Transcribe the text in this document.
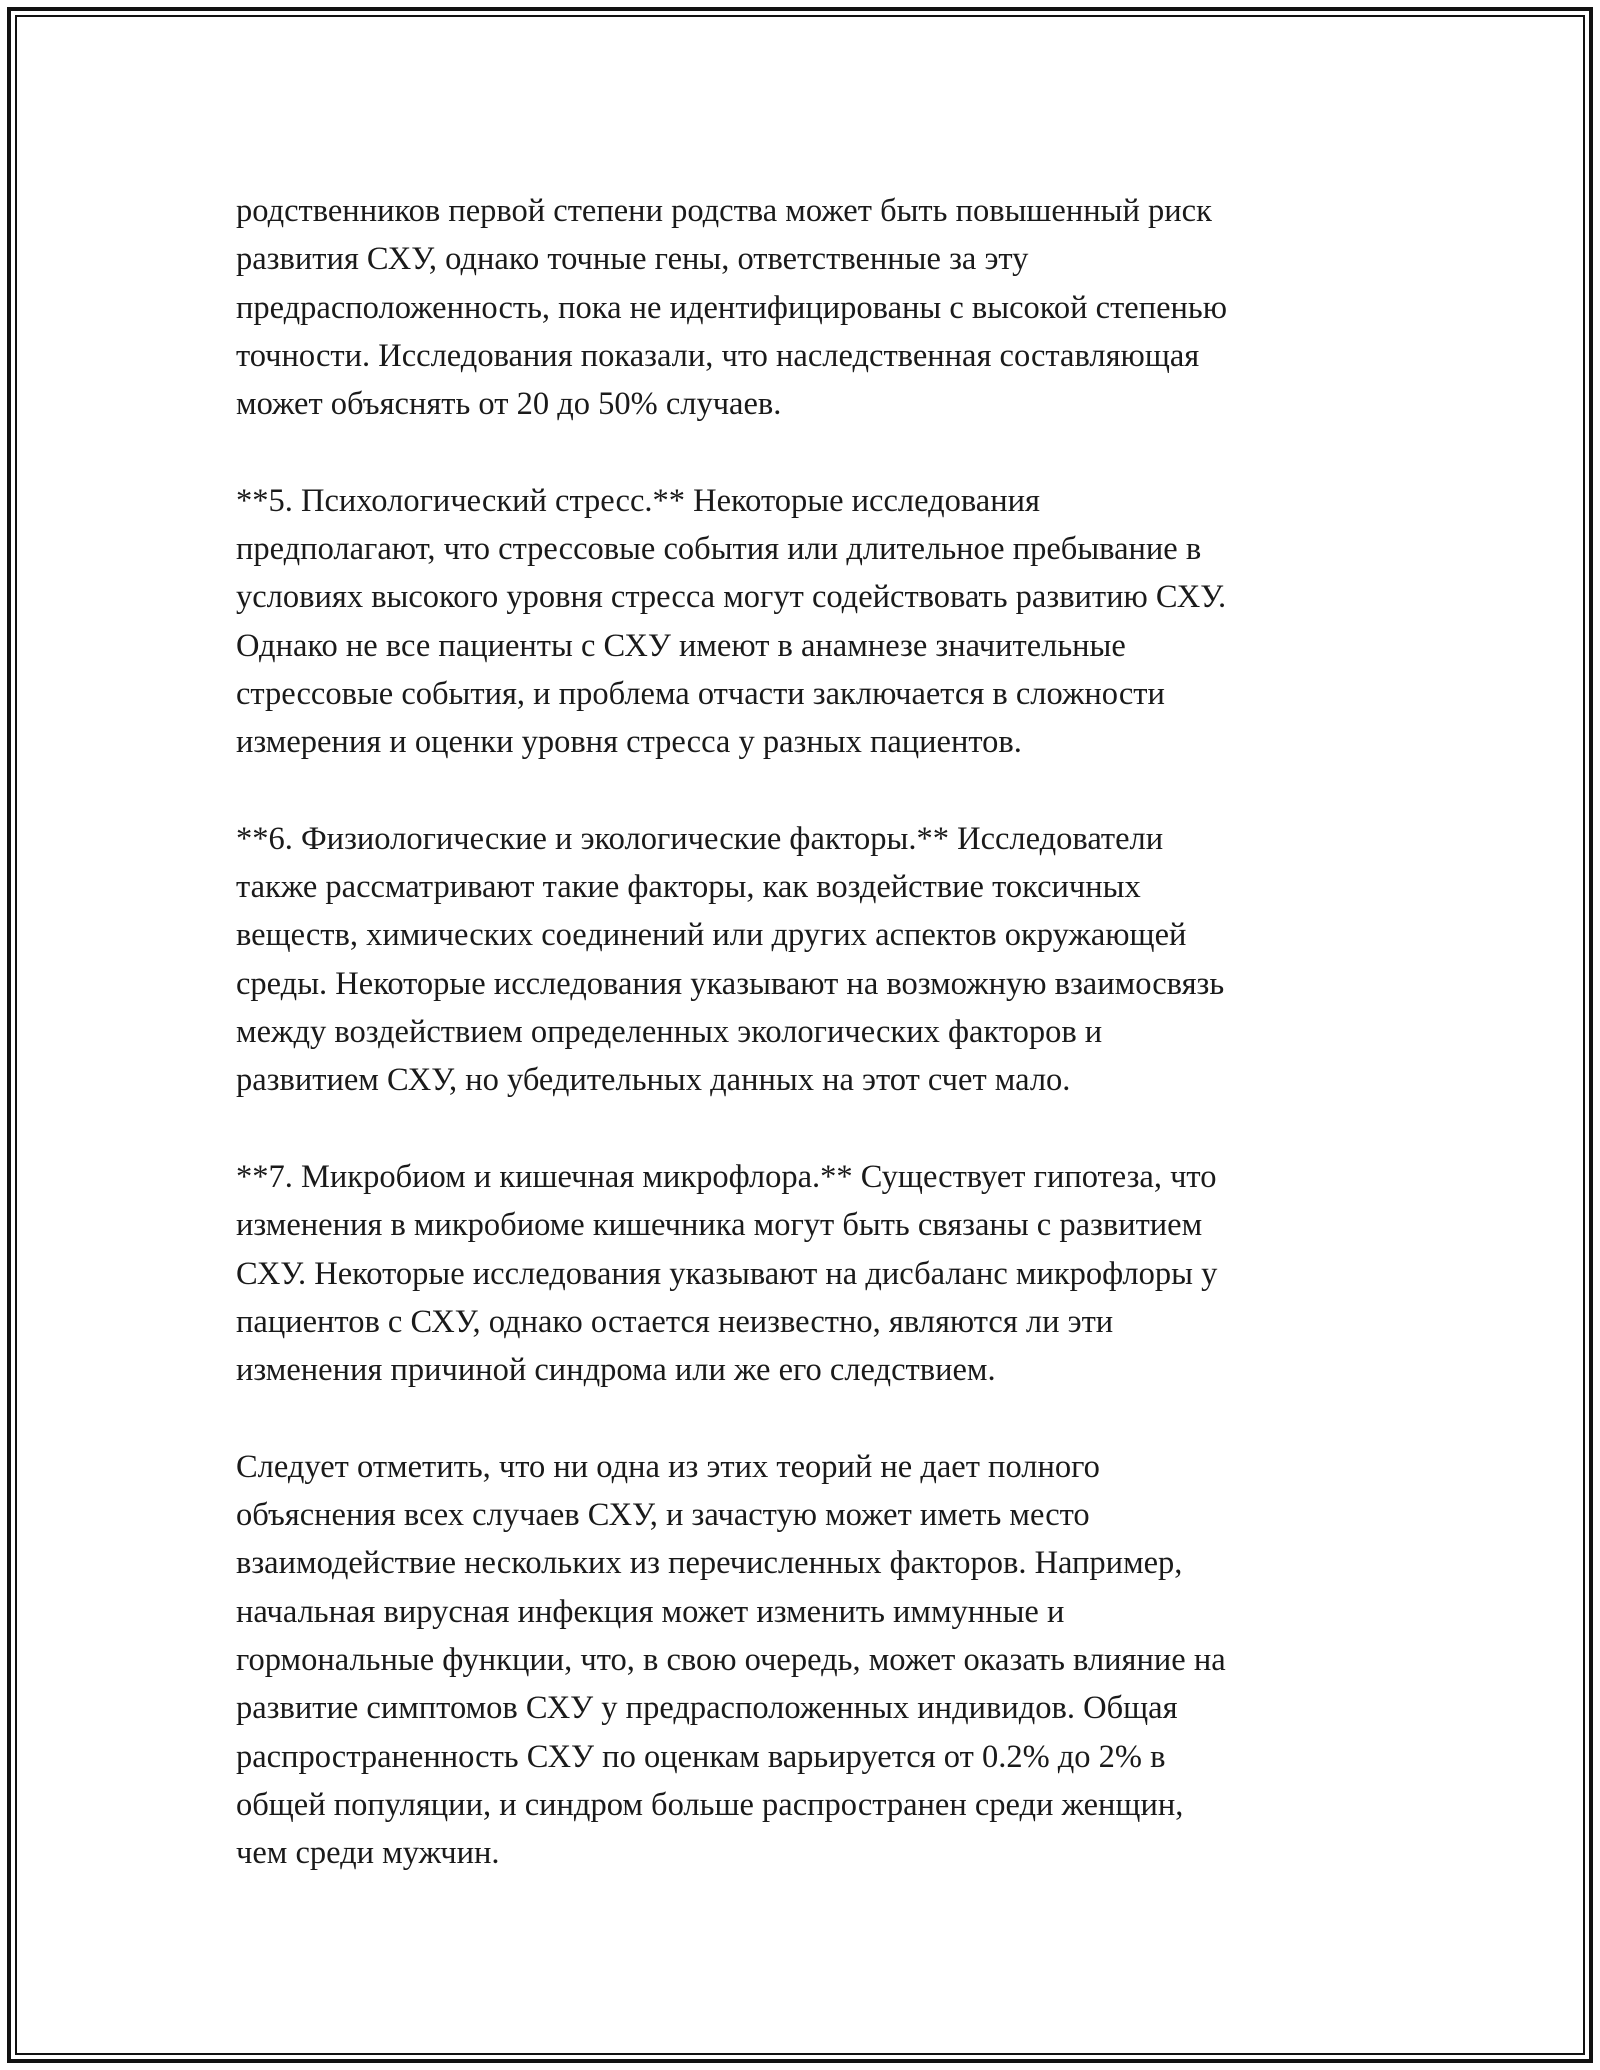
родственников первой степени родства может быть повышенный риск
развития СХУ, однако точные гены, ответственные за эту
предрасположенность, пока не идентифицированы с высокой степенью
точности. Исследования показали, что наследственная составляющая
может объяснять от 20 до 50% случаев.

**5. Психологический стресс.** Некоторые исследования
предполагают, что стрессовые события или длительное пребывание в
условиях высокого уровня стресса могут содействовать развитию СХУ.
Однако не все пациенты с СХУ имеют в анамнезе значительные
стрессовые события, и проблема отчасти заключается в сложности
измерения и оценки уровня стресса у разных пациентов.

**6. Физиологические и экологические факторы.** Исследователи
также рассматривают такие факторы, как воздействие токсичных
веществ, химических соединений или других аспектов окружающей
среды. Некоторые исследования указывают на возможную взаимосвязь
между воздействием определенных экологических факторов и
развитием СХУ, но убедительных данных на этот счет мало.

**7. Микробиом и кишечная микрофлора.** Существует гипотеза, что
изменения в микробиоме кишечника могут быть связаны с развитием
СХУ. Некоторые исследования указывают на дисбаланс микрофлоры у
пациентов с СХУ, однако остается неизвестно, являются ли эти
изменения причиной синдрома или же его следствием.

Следует отметить, что ни одна из этих теорий не дает полного
объяснения всех случаев СХУ, и зачастую может иметь место
взаимодействие нескольких из перечисленных факторов. Например,
начальная вирусная инфекция может изменить иммунные и
гормональные функции, что, в свою очередь, может оказать влияние на
развитие симптомов СХУ у предрасположенных индивидов. Общая
распространенность СХУ по оценкам варьируется от 0.2% до 2% в
общей популяции, и синдром больше распространен среди женщин,
чем среди мужчин.
